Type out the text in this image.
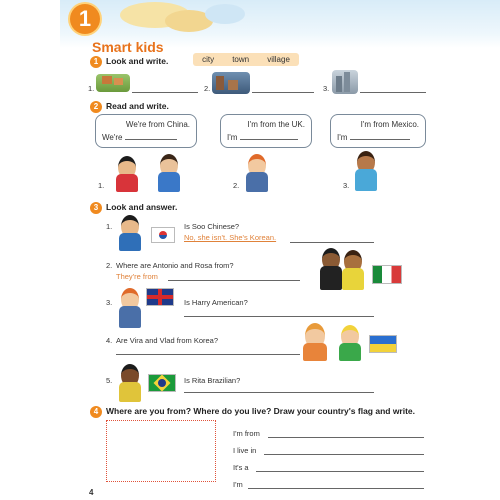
1
Smart kids
1 Look and write.	city town village
1.	2.	3.
2 Read and write.
We're from China.
We're
I'm from the UK.
I'm
I'm from Mexico.
I'm
1.	2.	3.
3 Look and answer.
1.	Is Soo Chinese?
No, she isn't. She's Korean.
2. Where are Antonio and Rosa from?
They're from
3.	Is Harry American?
4. Are Vira and Vlad from Korea?
5.	Is Rita Brazilian?
4 Where are you from? Where do you live? Draw your country's flag and write.
I'm from
I live in
It's a
I'm
4
